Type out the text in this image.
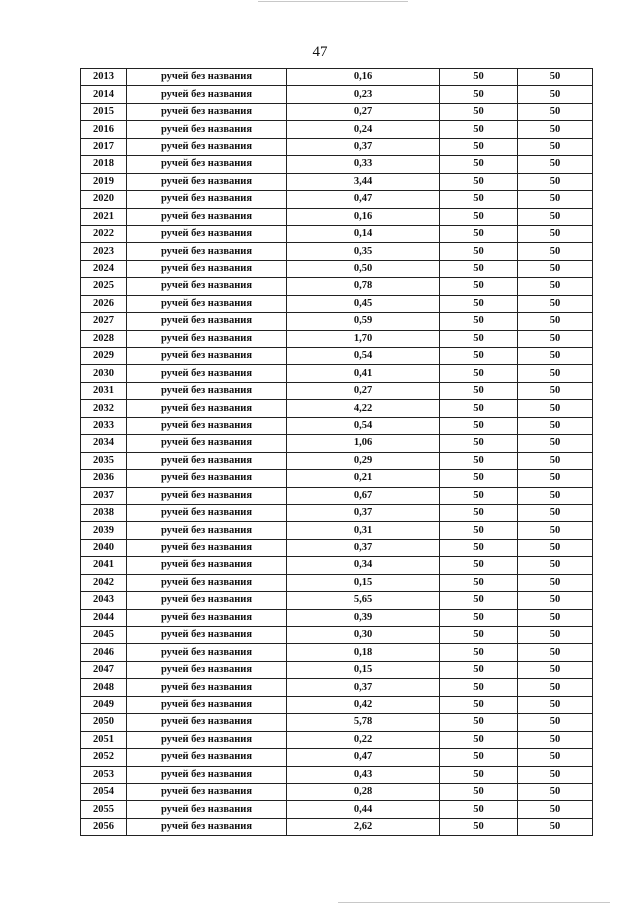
47
2013	ручей без названия	0,16	50	50
2014	ручей без названия	0,23	50	50
2015	ручей без названия	0,27	50	50
2016	ручей без названия	0,24	50	50
2017	ручей без названия	0,37	50	50
2018	ручей без названия	0,33	50	50
2019	ручей без названия	3,44	50	50
2020	ручей без названия	0,47	50	50
2021	ручей без названия	0,16	50	50
2022	ручей без названия	0,14	50	50
2023	ручей без названия	0,35	50	50
2024	ручей без названия	0,50	50	50
2025	ручей без названия	0,78	50	50
2026	ручей без названия	0,45	50	50
2027	ручей без названия	0,59	50	50
2028	ручей без названия	1,70	50	50
2029	ручей без названия	0,54	50	50
2030	ручей без названия	0,41	50	50
2031	ручей без названия	0,27	50	50
2032	ручей без названия	4,22	50	50
2033	ручей без названия	0,54	50	50
2034	ручей без названия	1,06	50	50
2035	ручей без названия	0,29	50	50
2036	ручей без названия	0,21	50	50
2037	ручей без названия	0,67	50	50
2038	ручей без названия	0,37	50	50
2039	ручей без названия	0,31	50	50
2040	ручей без названия	0,37	50	50
2041	ручей без названия	0,34	50	50
2042	ручей без названия	0,15	50	50
2043	ручей без названия	5,65	50	50
2044	ручей без названия	0,39	50	50
2045	ручей без названия	0,30	50	50
2046	ручей без названия	0,18	50	50
2047	ручей без названия	0,15	50	50
2048	ручей без названия	0,37	50	50
2049	ручей без названия	0,42	50	50
2050	ручей без названия	5,78	50	50
2051	ручей без названия	0,22	50	50
2052	ручей без названия	0,47	50	50
2053	ручей без названия	0,43	50	50
2054	ручей без названия	0,28	50	50
2055	ручей без названия	0,44	50	50
2056	ручей без названия	2,62	50	50
